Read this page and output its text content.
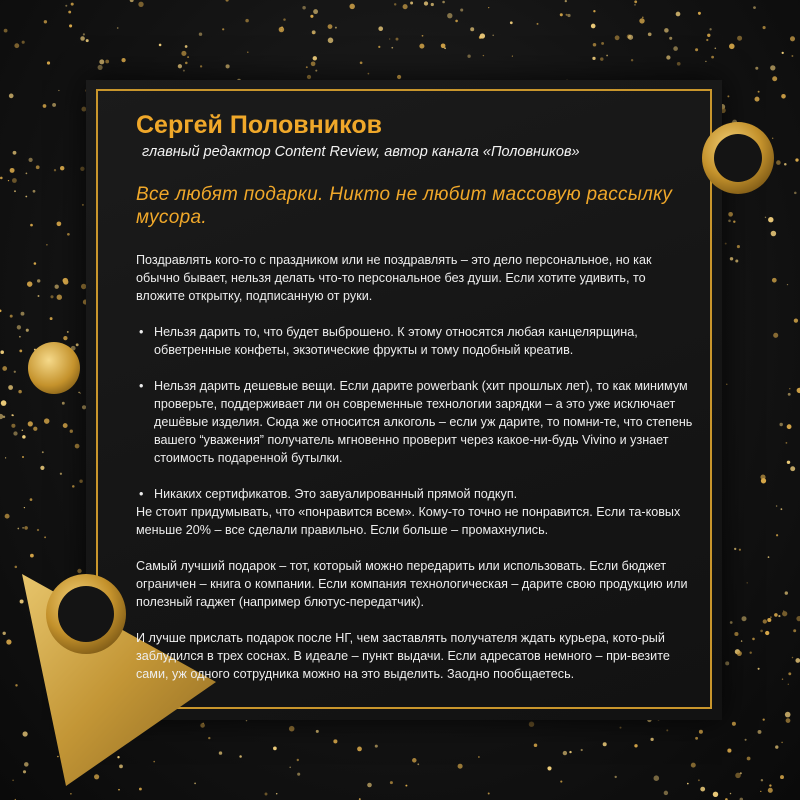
Сергей Половников

главный редактор Content Review, автор канала «Половников»

Все любят подарки. Никто не любит массовую рассылку мусора.

Поздравлять кого-то с праздником или не поздравлять – это дело персональное, но как обычно бывает, нельзя делать что-то персональное без души. Если хотите удивить, то вложите открытку, подписанную от руки.

• Нельзя дарить то, что будет выброшено. К этому относятся любая канцелярщина, обветренные конфеты, экзотические фрукты и тому подобный креатив.

• Нельзя дарить дешевые вещи. Если дарите powerbank (хит прошлых лет), то как минимум проверьте, поддерживает ли он современные технологии зарядки – а это уже исключает дешёвые изделия. Сюда же относится алкоголь – если уж дарите, то помни-те, что степень вашего “уважения” получатель мгновенно проверит через какое-ни-будь Vivino и узнает стоимость подаренной бутылки.

• Никаких сертификатов. Это завуалированный прямой подкуп.

Не стоит придумывать, что «понравится всем». Кому-то точно не понравится. Если та-ковых меньше 20% – все сделали правильно. Если больше – промахнулись.

Самый лучший подарок – тот, который можно передарить или использовать. Если бюджет ограничен – книга о компании. Если компания технологическая – дарите свою продукцию или полезный гаджет (например блютус-передатчик).

И лучше прислать подарок после НГ, чем заставлять получателя ждать курьера, кото-рый заблудился в трех соснах. В идеале – пункт выдачи. Если адресатов немного – при-везите сами, уж одного сотрудника можно на это выделить. Заодно пообщаетесь.
